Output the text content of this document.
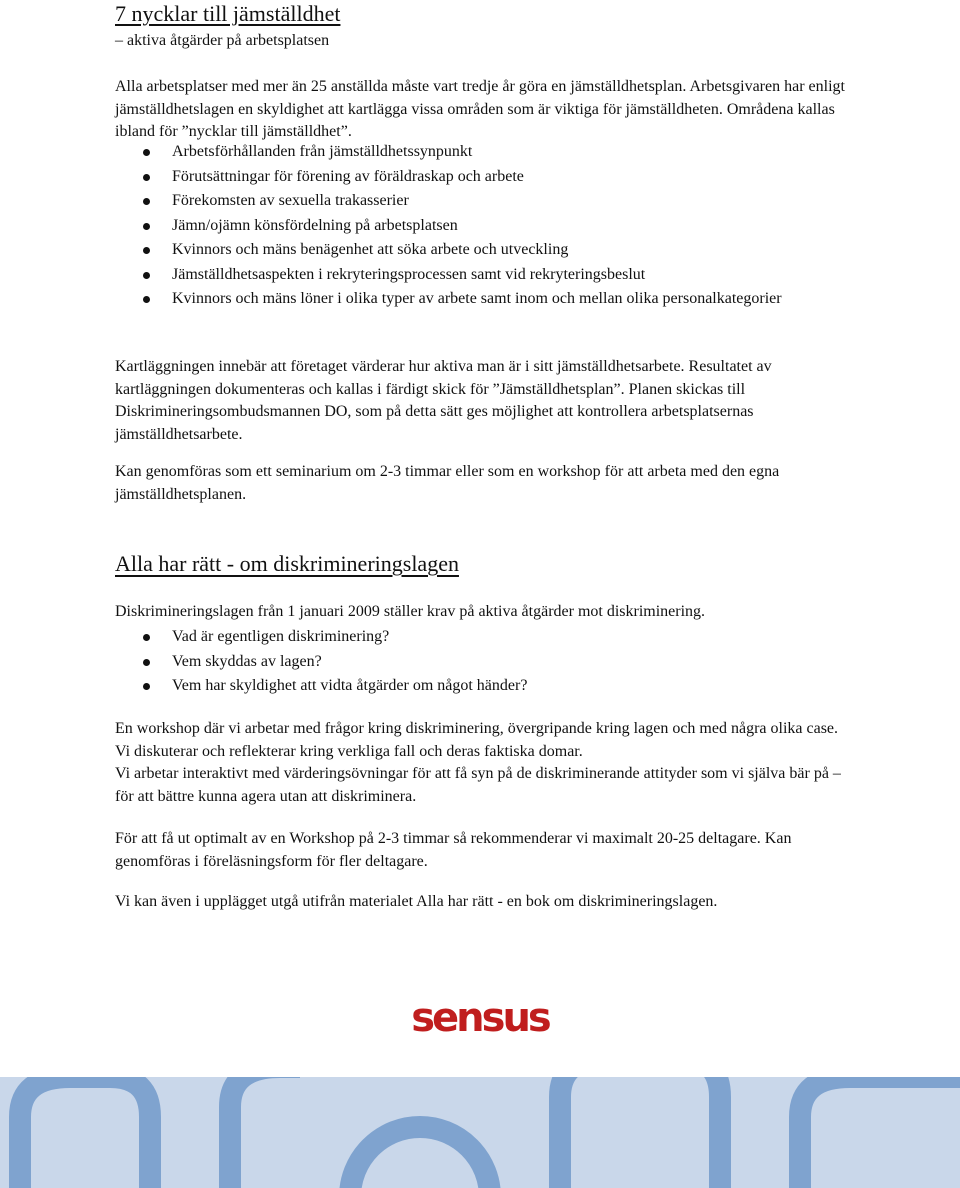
7 nycklar till jämställdhet
– aktiva åtgärder på arbetsplatsen

Alla arbetsplatser med mer än 25 anställda måste vart tredje år göra en jämställdhetsplan. Arbetsgivaren har enligt jämställdhetslagen en skyldighet att kartlägga vissa områden som är viktiga för jämställdheten. Områdena kallas ibland för ”nycklar till jämställdhet”.

Arbetsförhållanden från jämställdhetssynpunkt
Förutsättningar för förening av föräldraskap och arbete
Förekomsten av sexuella trakasserier
Jämn/ojämn könsfördelning på arbetsplatsen
Kvinnors och mäns benägenhet att söka arbete och utveckling
Jämställdhetsaspekten i rekryteringsprocessen samt vid rekryteringsbeslut
Kvinnors och mäns löner i olika typer av arbete samt inom och mellan olika personalkategorier

Kartläggningen innebär att företaget värderar hur aktiva man är i sitt jämställdhetsarbete. Resultatet av kartläggningen dokumenteras och kallas i färdigt skick för ”Jämställdhetsplan”. Planen skickas till Diskrimineringsombudsmannen DO, som på detta sätt ges möjlighet att kontrollera arbetsplatsernas jämställdhetsarbete.

Kan genomföras som ett seminarium om 2-3 timmar eller som en workshop för att arbeta med den egna jämställdhetsplanen.

Alla har rätt - om diskrimineringslagen

Diskrimineringslagen från 1 januari 2009 ställer krav på aktiva åtgärder mot diskriminering.

Vad är egentligen diskriminering?
Vem skyddas av lagen?
Vem har skyldighet att vidta åtgärder om något händer?

En workshop där vi arbetar med frågor kring diskriminering, övergripande kring lagen och med några olika case. Vi diskuterar och reflekterar kring verkliga fall och deras faktiska domar.

Vi arbetar interaktivt med värderingsövningar för att få syn på de diskriminerande attityder som vi själva bär på – för att bättre kunna agera utan att diskriminera.

För att få ut optimalt av en Workshop på 2-3 timmar så rekommenderar vi maximalt 20-25 deltagare. Kan genomföras i föreläsningsform för fler deltagare.

Vi kan även i upplägget utgå utifrån materialet Alla har rätt - en bok om diskrimineringslagen.

sensus
